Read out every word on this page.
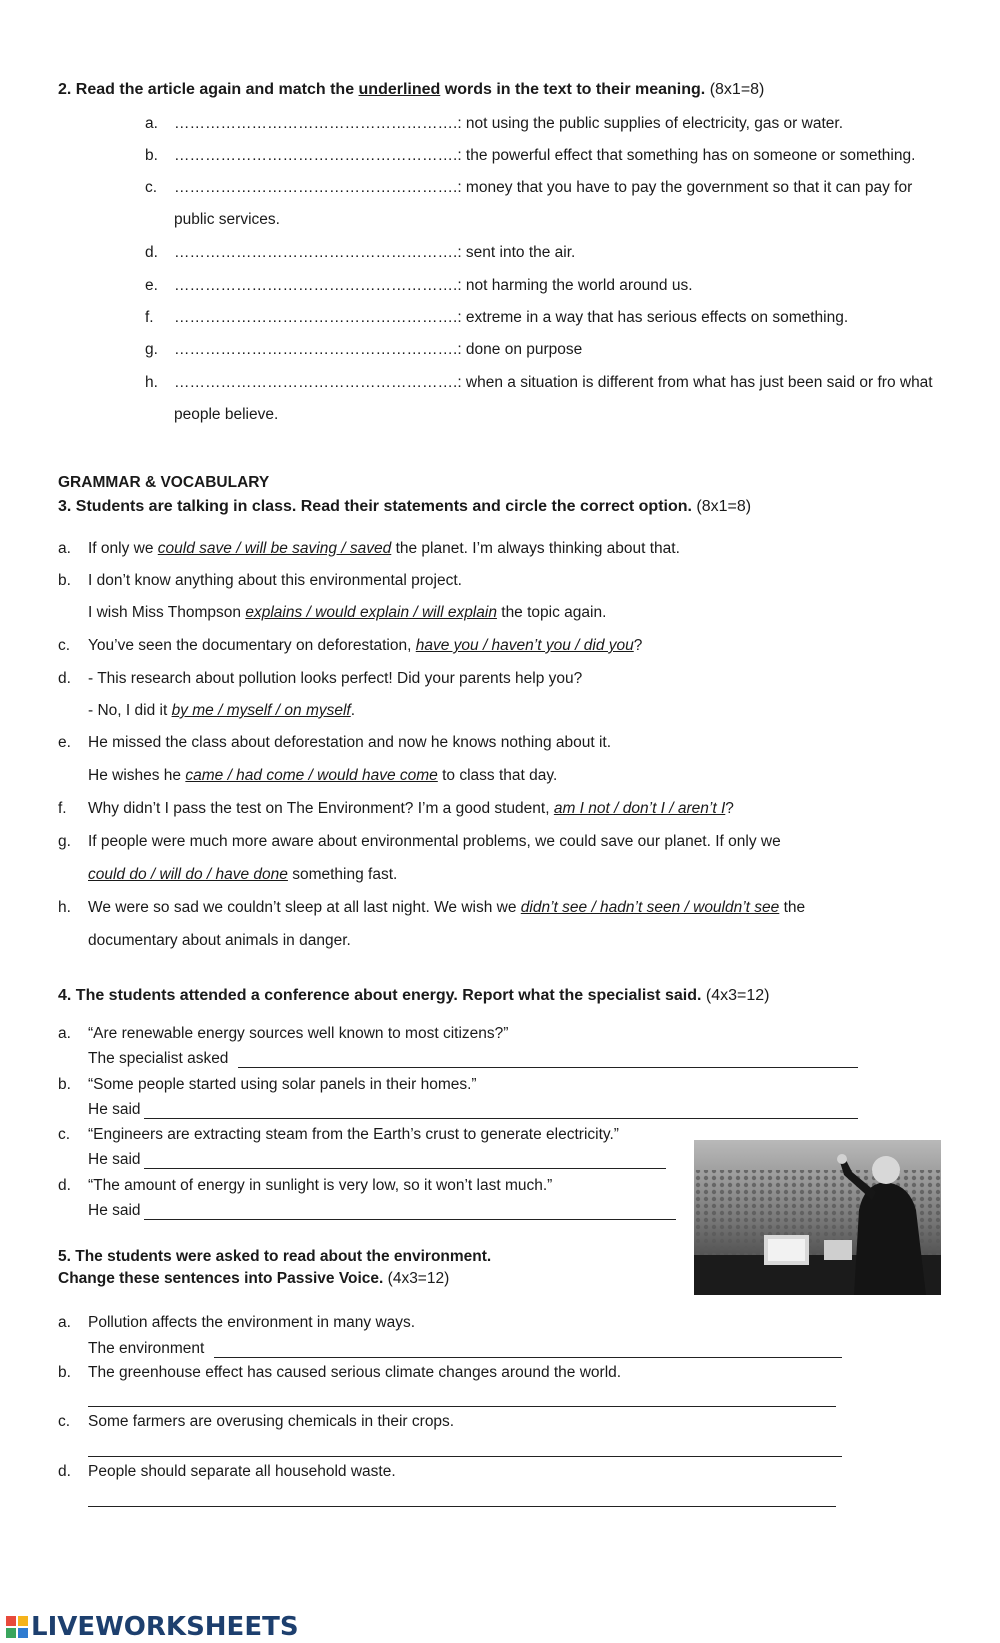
2. Read the article again and match the underlined words in the text to their meaning. (8x1=8)
a. ……………………………………………….: not using the public supplies of electricity, gas or water.
b. ……………………………………………….: the powerful effect that something has on someone or something.
c. ……………………………………………….: money that you have to pay the government so that it can pay for
public services.
d. ……………………………………………….: sent into the air.
e. ……………………………………………….: not harming the world around us.
f. ……………………………………………….: extreme in a way that has serious effects on something.
g. ……………………………………………….: done on purpose
h. ……………………………………………….: when a situation is different from what has just been said or fro what
people believe.
GRAMMAR & VOCABULARY
3. Students are talking in class. Read their statements and circle the correct option. (8x1=8)
a. If only we could save / will be saving / saved the planet. I’m always thinking about that.
b. I don’t know anything about this environmental project.
I wish Miss Thompson explains / would explain / will explain the topic again.
c. You’ve seen the documentary on deforestation, have you / haven’t you / did you?
d. - This research about pollution looks perfect! Did your parents help you?
- No, I did it by me / myself / on myself.
e. He missed the class about deforestation and now he knows nothing about it.
He wishes he came / had come / would have come to class that day.
f. Why didn’t I pass the test on The Environment? I’m a good student, am I not / don’t I / aren’t I?
g. If people were much more aware about environmental problems, we could save our planet. If only we
could do / will do / have done something fast.
h. We were so sad we couldn’t sleep at all last night. We wish we didn’t see / hadn’t seen / wouldn’t see the
documentary about animals in danger.
4. The students attended a conference about energy. Report what the specialist said. (4x3=12)
a. “Are renewable energy sources well known to most citizens?”
The specialist asked
b. “Some people started using solar panels in their homes.”
He said
c. “Engineers are extracting steam from the Earth’s crust to generate electricity.”
He said
d. “The amount of energy in sunlight is very low, so it won’t last much.”
He said
5. The students were asked to read about the environment.
Change these sentences into Passive Voice. (4x3=12)
a. Pollution affects the environment in many ways.
The environment
b. The greenhouse effect has caused serious climate changes around the world.
c. Some farmers are overusing chemicals in their crops.
d. People should separate all household waste.
LIVEWORKSHEETS
